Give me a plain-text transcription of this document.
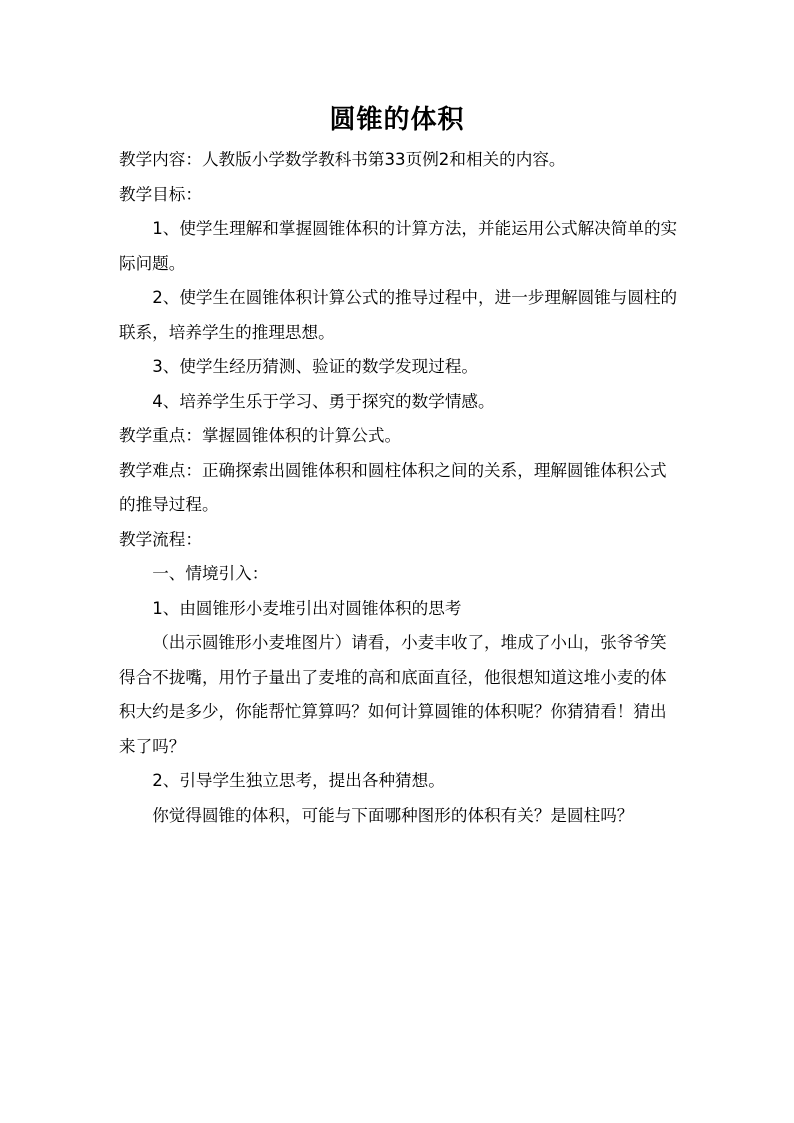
圆锥的体积

教学内容：人教版小学数学教科书第33页例2和相关的内容。

教学目标：

1、使学生理解和掌握圆锥体积的计算方法，并能运用公式解决简单的实际问题。

2、使学生在圆锥体积计算公式的推导过程中，进一步理解圆锥与圆柱的联系，培养学生的推理思想。

3、使学生经历猜测、验证的数学发现过程。

4、培养学生乐于学习、勇于探究的数学情感。

教学重点：掌握圆锥体积的计算公式。

教学难点：正确探索出圆锥体积和圆柱体积之间的关系，理解圆锥体积公式的推导过程。

教学流程：

一、情境引入：

1、由圆锥形小麦堆引出对圆锥体积的思考

（出示圆锥形小麦堆图片）请看，小麦丰收了，堆成了小山，张爷爷笑得合不拢嘴，用竹子量出了麦堆的高和底面直径，他很想知道这堆小麦的体积大约是多少，你能帮忙算算吗？如何计算圆锥的体积呢？你猜猜看！猜出来了吗？

2、引导学生独立思考，提出各种猜想。

你觉得圆锥的体积，可能与下面哪种图形的体积有关？是圆柱吗？
